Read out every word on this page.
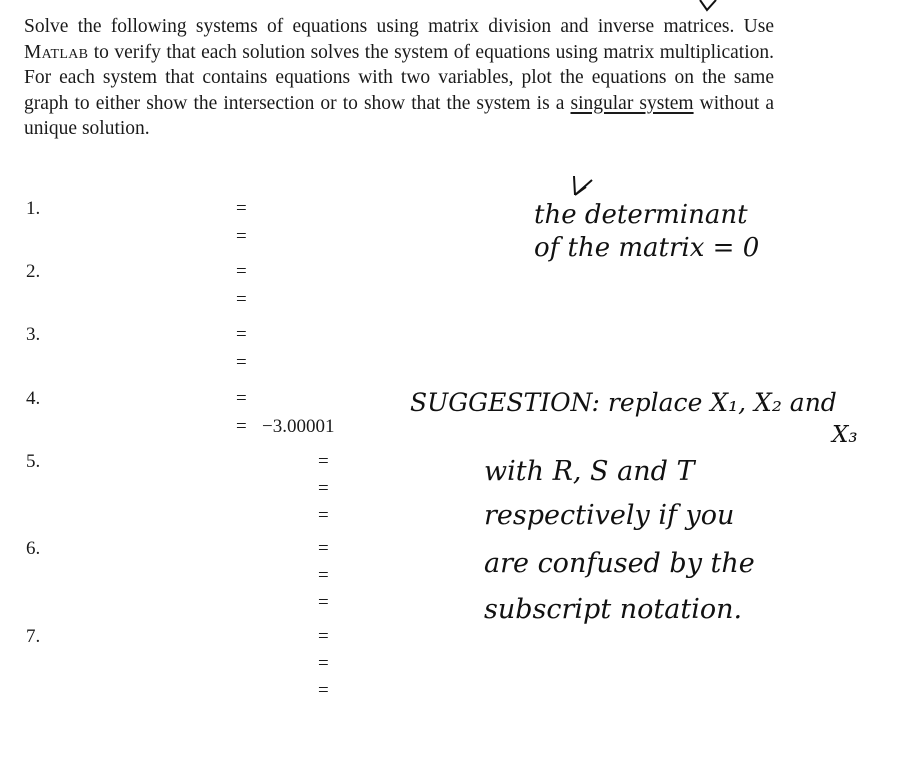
Solve the following systems of equations using matrix division and inverse matrices. Use Matlab to verify that each solution solves the system of equations using matrix multiplication. For each system that contains equations with two variables, plot the equations on the same graph to either show the intersection or to show that the system is a singular system without a unique solution.

1.	=
=
2.	=
=
3.	=
=
4.	=
= −3.00001
5.	=
=
=
6.	=
=
=
7.	=
=
=
the determinant
of the matrix = 0
SUGGESTION: replace X₁, X₂ and
X₃
with R, S and T
respectively if you
are confused by the
subscript notation.
